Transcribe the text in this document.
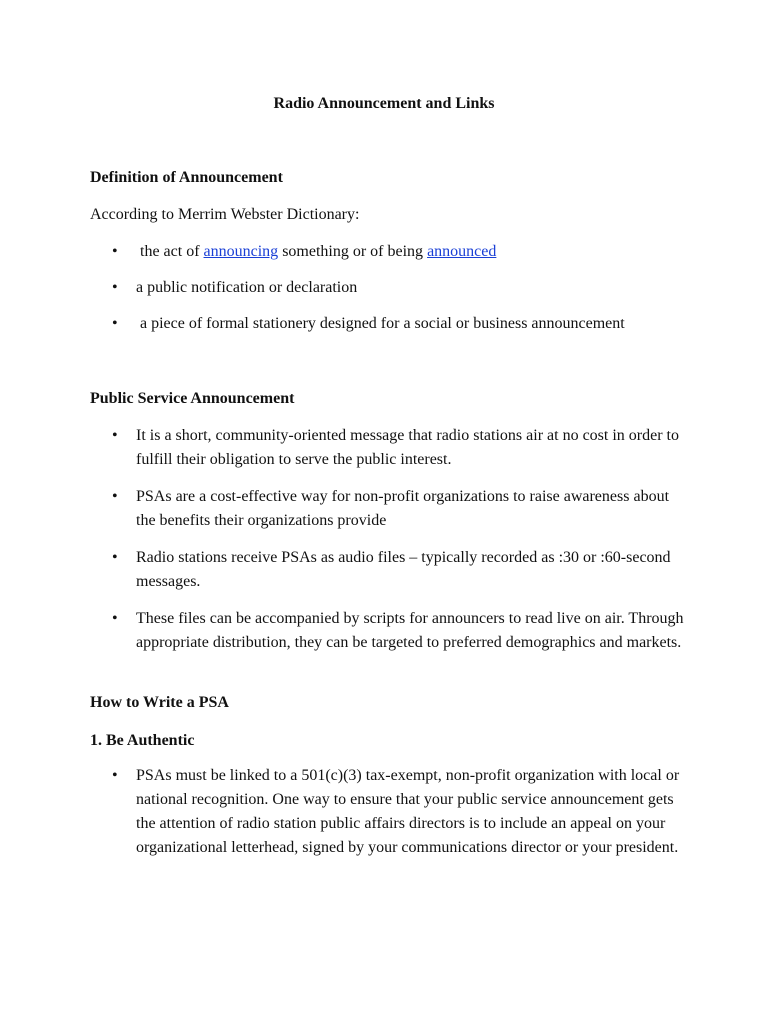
Radio Announcement and Links
Definition of Announcement

According to Merrim Webster Dictionary:

• the act of announcing something or of being announced
• a public notification or declaration
• a piece of formal stationery designed for a social or business announcement
Public Service Announcement
• It is a short, community-oriented message that radio stations air at no cost in order to fulfill their obligation to serve the public interest.
• PSAs are a cost-effective way for non-profit organizations to raise awareness about the benefits their organizations provide
• Radio stations receive PSAs as audio files – typically recorded as :30 or :60-second messages.
• These files can be accompanied by scripts for announcers to read live on air. Through appropriate distribution, they can be targeted to preferred demographics and markets.
How to Write a PSA
1. Be Authentic
• PSAs must be linked to a 501(c)(3) tax-exempt, non-profit organization with local or national recognition. One way to ensure that your public service announcement gets the attention of radio station public affairs directors is to include an appeal on your organizational letterhead, signed by your communications director or your president.
